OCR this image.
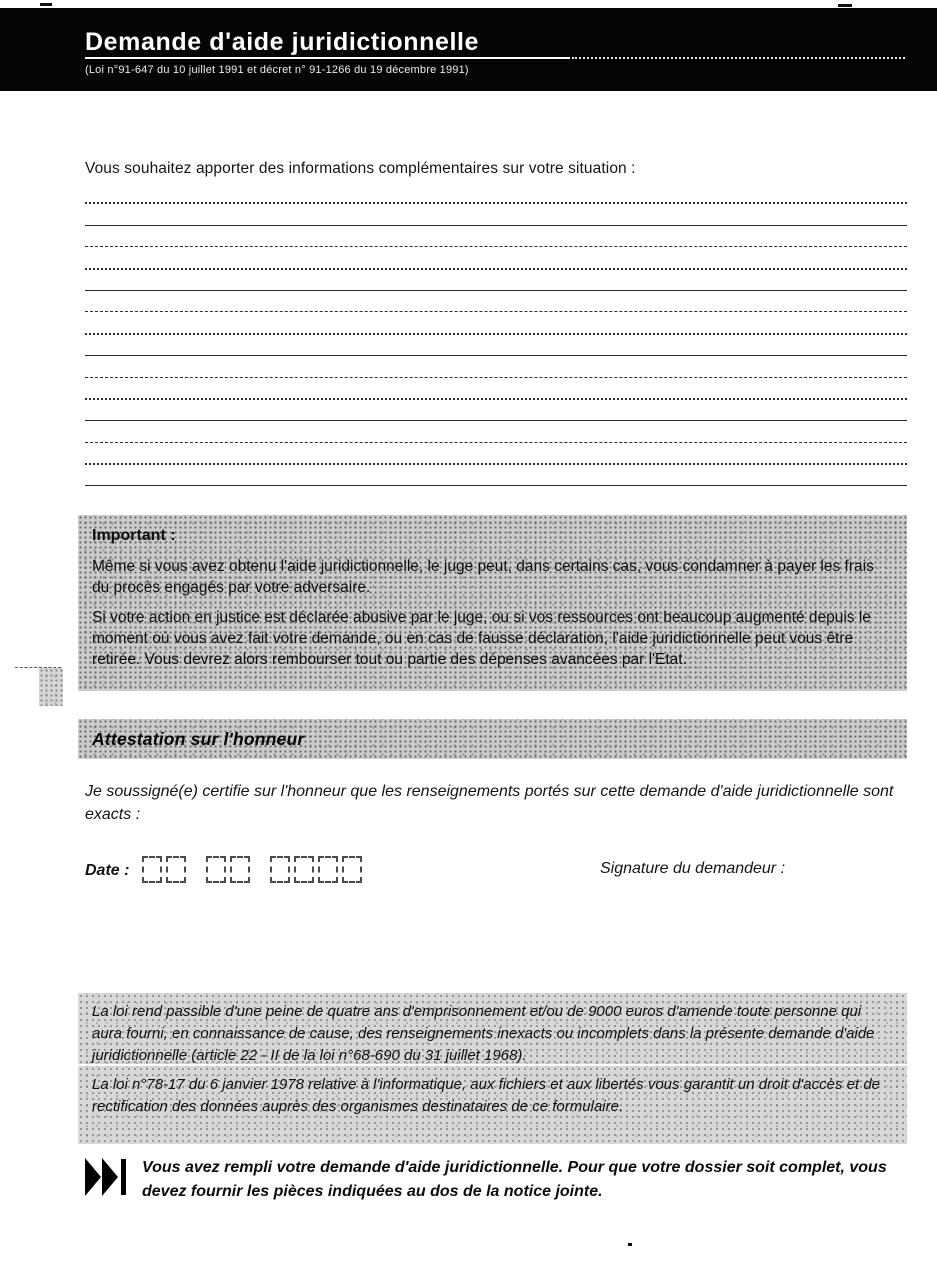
Demande d'aide juridictionnelle
(Loi n°91-647 du 10 juillet 1991 et décret n° 91-1266 du 19 décembre 1991)
Vous souhaitez apporter des informations complémentaires sur votre situation :
Important :

Même si vous avez obtenu l'aide juridictionnelle, le juge peut, dans certains cas, vous condamner à payer les frais du procès engagés par votre adversaire.

Si votre action en justice est déclarée abusive par le juge, ou si vos ressources ont beaucoup augmenté depuis le moment où vous avez fait votre demande, ou en cas de fausse déclaration, l'aide juridictionnelle peut vous être retirée. Vous devrez alors rembourser tout ou partie des dépenses avancées par l'Etat.

Attestation sur l'honneur
Je soussigné(e) certifie sur l'honneur que les renseignements portés sur cette demande d'aide juridictionnelle sont exacts :
Date :	Signature du demandeur :
La loi rend passible d'une peine de quatre ans d'emprisonnement et/ou de 9000 euros d'amende toute personne qui aura fourni, en connaissance de cause, des renseignements inexacts ou incomplets dans la présente demande d'aide juridictionnelle (article 22 - II de la loi n°68-690 du 31 juillet 1968).
La loi n°78-17 du 6 janvier 1978 relative à l'informatique, aux fichiers et aux libertés vous garantit un droit d'accès et de rectification des données auprès des organismes destinataires de ce formulaire.
Vous avez rempli votre demande d'aide juridictionnelle. Pour que votre dossier soit complet, vous devez fournir les pièces indiquées au dos de la notice jointe.
